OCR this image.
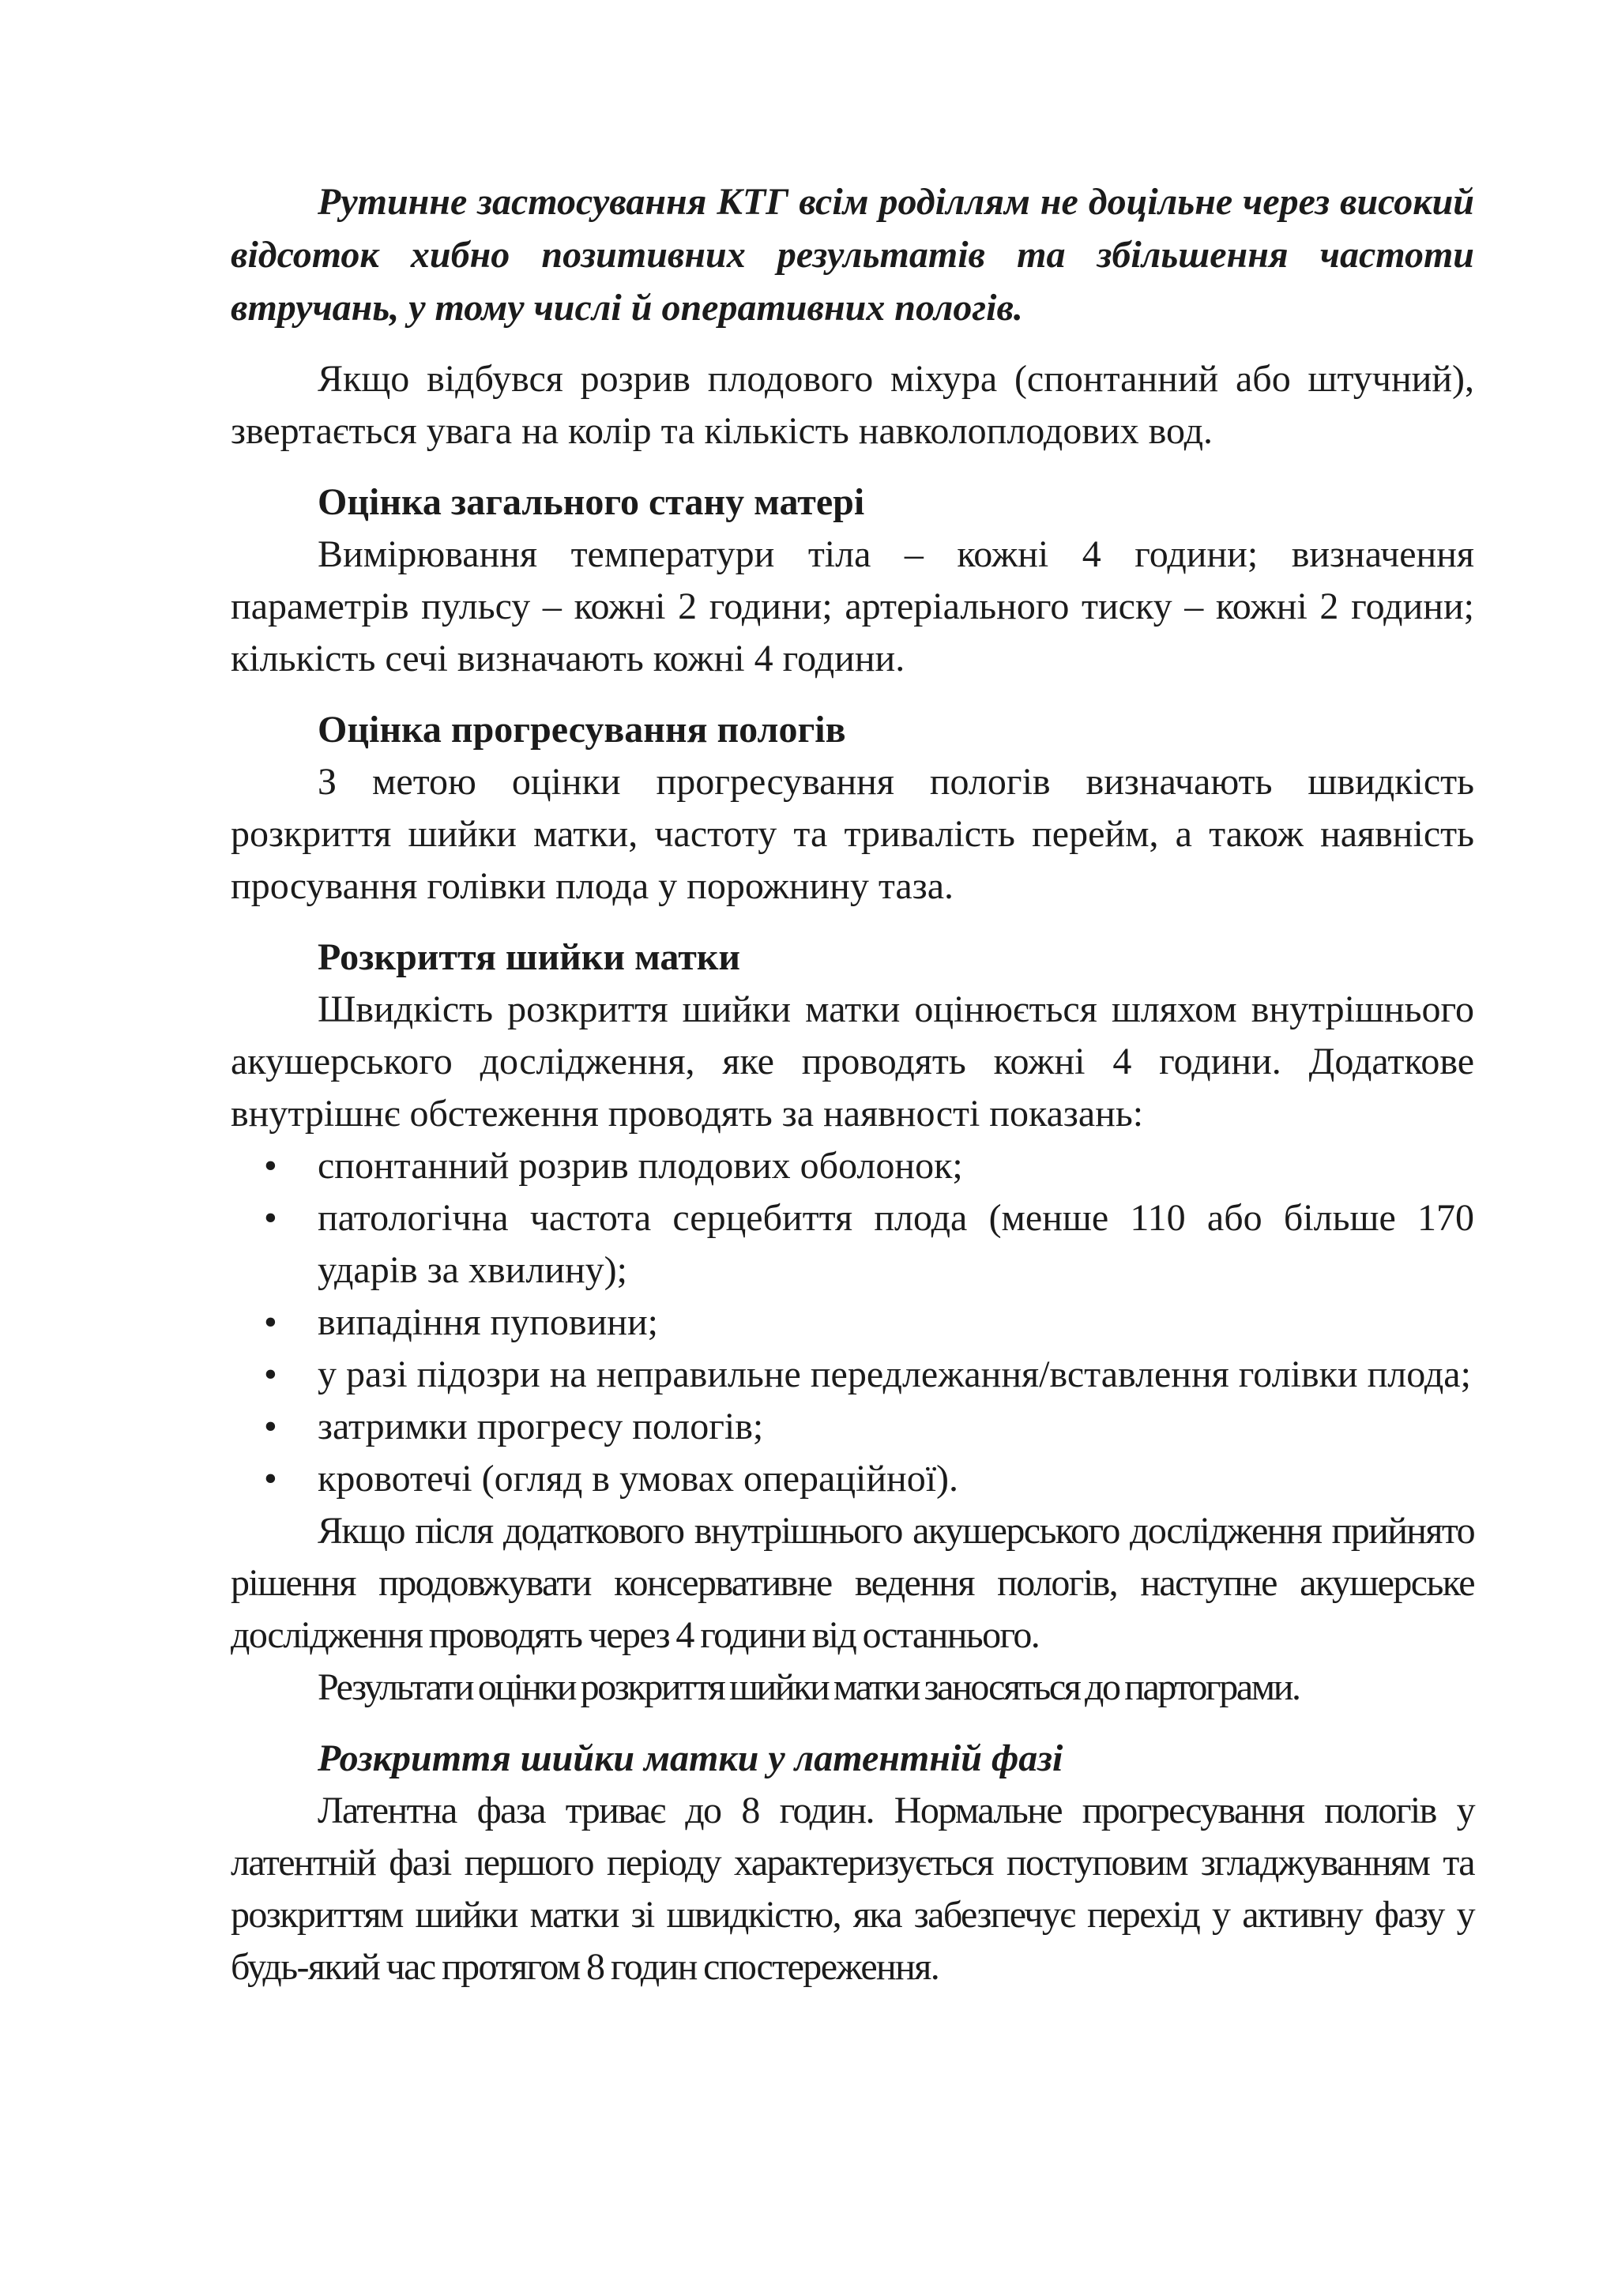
Рутинне застосування КТГ всім роділлям не доцільне через високий відсоток хибно позитивних результатів та збільшення частоти втручань, у тому числі й оперативних пологів.

Якщо відбувся розрив плодового міхура (спонтанний або штучний), звертається увага на колір та кількість навколоплодових вод.

Оцінка загального стану матері

Вимірювання температури тіла – кожні 4 години; визначення параметрів пульсу – кожні 2 години; артеріального тиску – кожні 2 години; кількість сечі визначають кожні 4 години.

Оцінка прогресування пологів

З метою оцінки прогресування пологів визначають швидкість розкриття шийки матки, частоту та тривалість перейм, а також наявність просування голівки плода у порожнину таза.

Розкриття шийки матки

Швидкість розкриття шийки матки оцінюється шляхом внутрішнього акушерського дослідження, яке проводять кожні 4 години. Додаткове внутрішнє обстеження проводять за наявності показань:

• спонтанний розрив плодових оболонок;
• патологічна частота серцебиття плода (менше 110 або більше 170 ударів за хвилину);
• випадіння пуповини;
• у разі підозри на неправильне передлежання/вставлення голівки плода;
• затримки прогресу пологів;
• кровотечі (огляд в умовах операційної).

Якщо після додаткового внутрішнього акушерського дослідження прийнято рішення продовжувати консервативне ведення пологів, наступне акушерське дослідження проводять через 4 години від останнього.

Результати оцінки розкриття шийки матки заносяться до партограми.

Розкриття шийки матки у латентній фазі

Латентна фаза триває до 8 годин. Нормальне прогресування пологів у латентній фазі першого періоду характеризується поступовим згладжуванням та розкриттям шийки матки зі швидкістю, яка забезпечує перехід у активну фазу у будь-який час протягом 8 годин спостереження.
